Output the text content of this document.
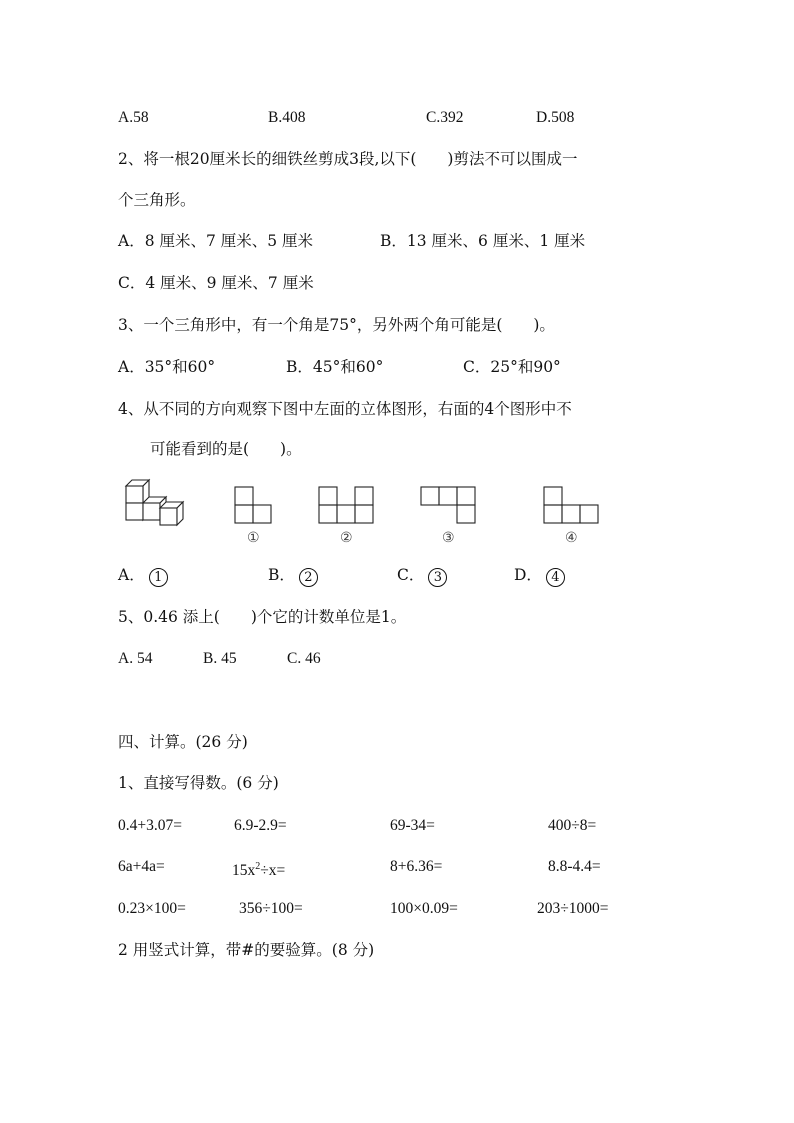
A.58	B.408	C.392	D.508
2、将一根20厘米长的细铁丝剪成3段,以下(　　)剪法不可以围成一
个三角形。
A．8 厘米、7 厘米、5 厘米	B．13 厘米、6 厘米、1 厘米
C．4 厘米、9 厘米、7 厘米
3、一个三角形中，有一个角是75°，另外两个角可能是(　　)。
A．35°和60°	B．45°和60°	C．25°和90°
4、从不同的方向观察下图中左面的立体图形，右面的4个图形中不
可能看到的是(　　)。
①	②	③	④
A． 1	B． 2	C． 3	D． 4
5、0.46 添上(　　)个它的计数单位是1。
A. 54	B. 45	C. 46
四、计算。(26 分)
1、直接写得数。(6 分)
0.4+3.07=	6.9-2.9=	69-34=	400÷8=
6a+4a=	$15x^2\div x=$	8+6.36=	8.8-4.4=
0.23×100=	356÷100=	100×0.09=	203÷1000=
2 用竖式计算，带#的要验算。(8 分)
